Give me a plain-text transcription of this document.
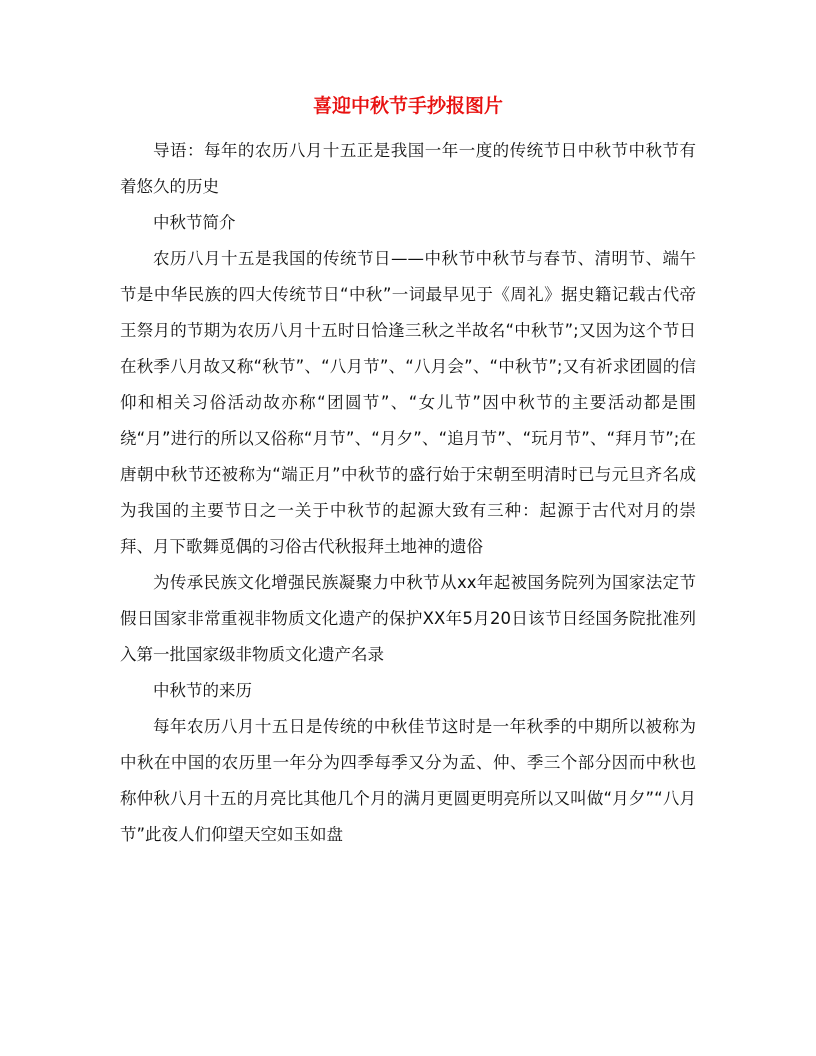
喜迎中秋节手抄报图片

导语：每年的农历八月十五正是我国一年一度的传统节日中秋节中秋节有着悠久的历史

中秋节简介

农历八月十五是我国的传统节日——中秋节中秋节与春节、清明节、端午节是中华民族的四大传统节日“中秋”一词最早见于《周礼》据史籍记载古代帝王祭月的节期为农历八月十五时日恰逢三秋之半故名“中秋节”;又因为这个节日在秋季八月故又称“秋节”、“八月节”、“八月会”、“中秋节”;又有祈求团圆的信仰和相关习俗活动故亦称“团圆节”、“女儿节”因中秋节的主要活动都是围绕“月”进行的所以又俗称“月节”、“月夕”、“追月节”、“玩月节”、“拜月节”;在唐朝中秋节还被称为“端正月”中秋节的盛行始于宋朝至明清时已与元旦齐名成为我国的主要节日之一关于中秋节的起源大致有三种：起源于古代对月的崇拜、月下歌舞觅偶的习俗古代秋报拜土地神的遗俗

为传承民族文化增强民族凝聚力中秋节从xx年起被国务院列为国家法定节假日国家非常重视非物质文化遗产的保护XX年5月20日该节日经国务院批准列入第一批国家级非物质文化遗产名录

中秋节的来历

每年农历八月十五日是传统的中秋佳节这时是一年秋季的中期所以被称为中秋在中国的农历里一年分为四季每季又分为孟、仲、季三个部分因而中秋也称仲秋八月十五的月亮比其他几个月的满月更圆更明亮所以又叫做“月夕”“八月节”此夜人们仰望天空如玉如盘
